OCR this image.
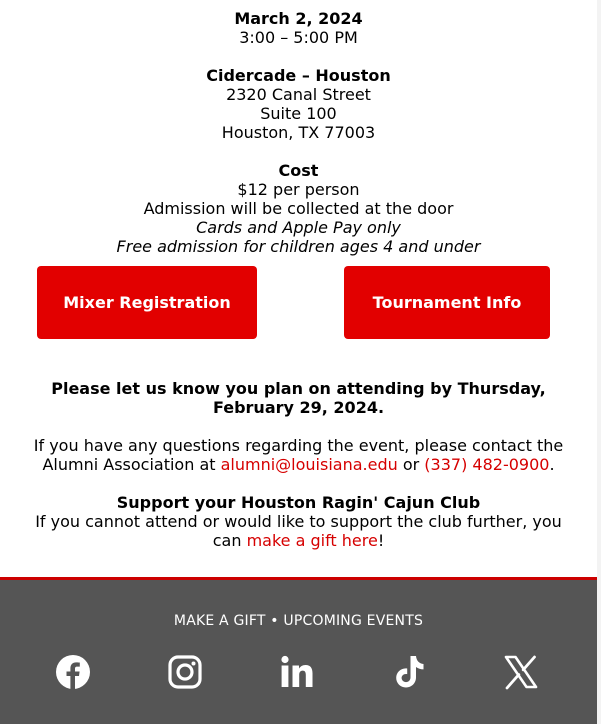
March 2, 2024
3:00 – 5:00 PM
Cidercade – Houston
2320 Canal Street
Suite 100
Houston, TX 77003
Cost
$12 per person
Admission will be collected at the door
Cards and Apple Pay only
Free admission for children ages 4 and under
Mixer Registration	Tournament Info
Please let us know you plan on attending by Thursday, February 29, 2024.
If you have any questions regarding the event, please contact the Alumni Association at alumni@louisiana.edu or (337) 482-0900.
Support your Houston Ragin' Cajun Club
If you cannot attend or would like to support the club further, you can make a gift here!
MAKE A GIFT • UPCOMING EVENTS
